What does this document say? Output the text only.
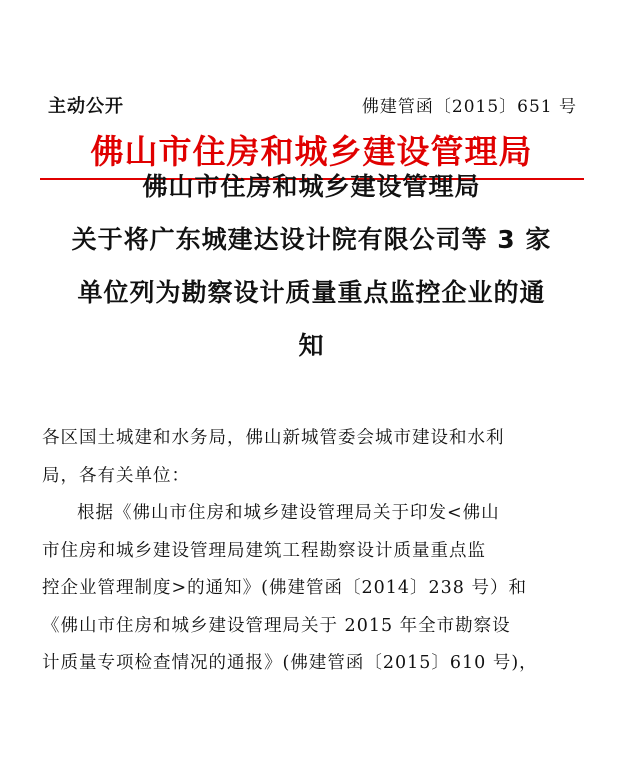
主动公开	佛建管函〔2015〕651 号
佛山市住房和城乡建设管理局
佛山市住房和城乡建设管理局
关于将广东城建达设计院有限公司等 3 家
单位列为勘察设计质量重点监控企业的通
知
各区国土城建和水务局，佛山新城管委会城市建设和水利
局，各有关单位：
根据《佛山市住房和城乡建设管理局关于印发<佛山
市住房和城乡建设管理局建筑工程勘察设计质量重点监
控企业管理制度>的通知》(佛建管函〔2014〕238 号）和
《佛山市住房和城乡建设管理局关于 2015 年全市勘察设
计质量专项检查情况的通报》(佛建管函〔2015〕610 号)，
